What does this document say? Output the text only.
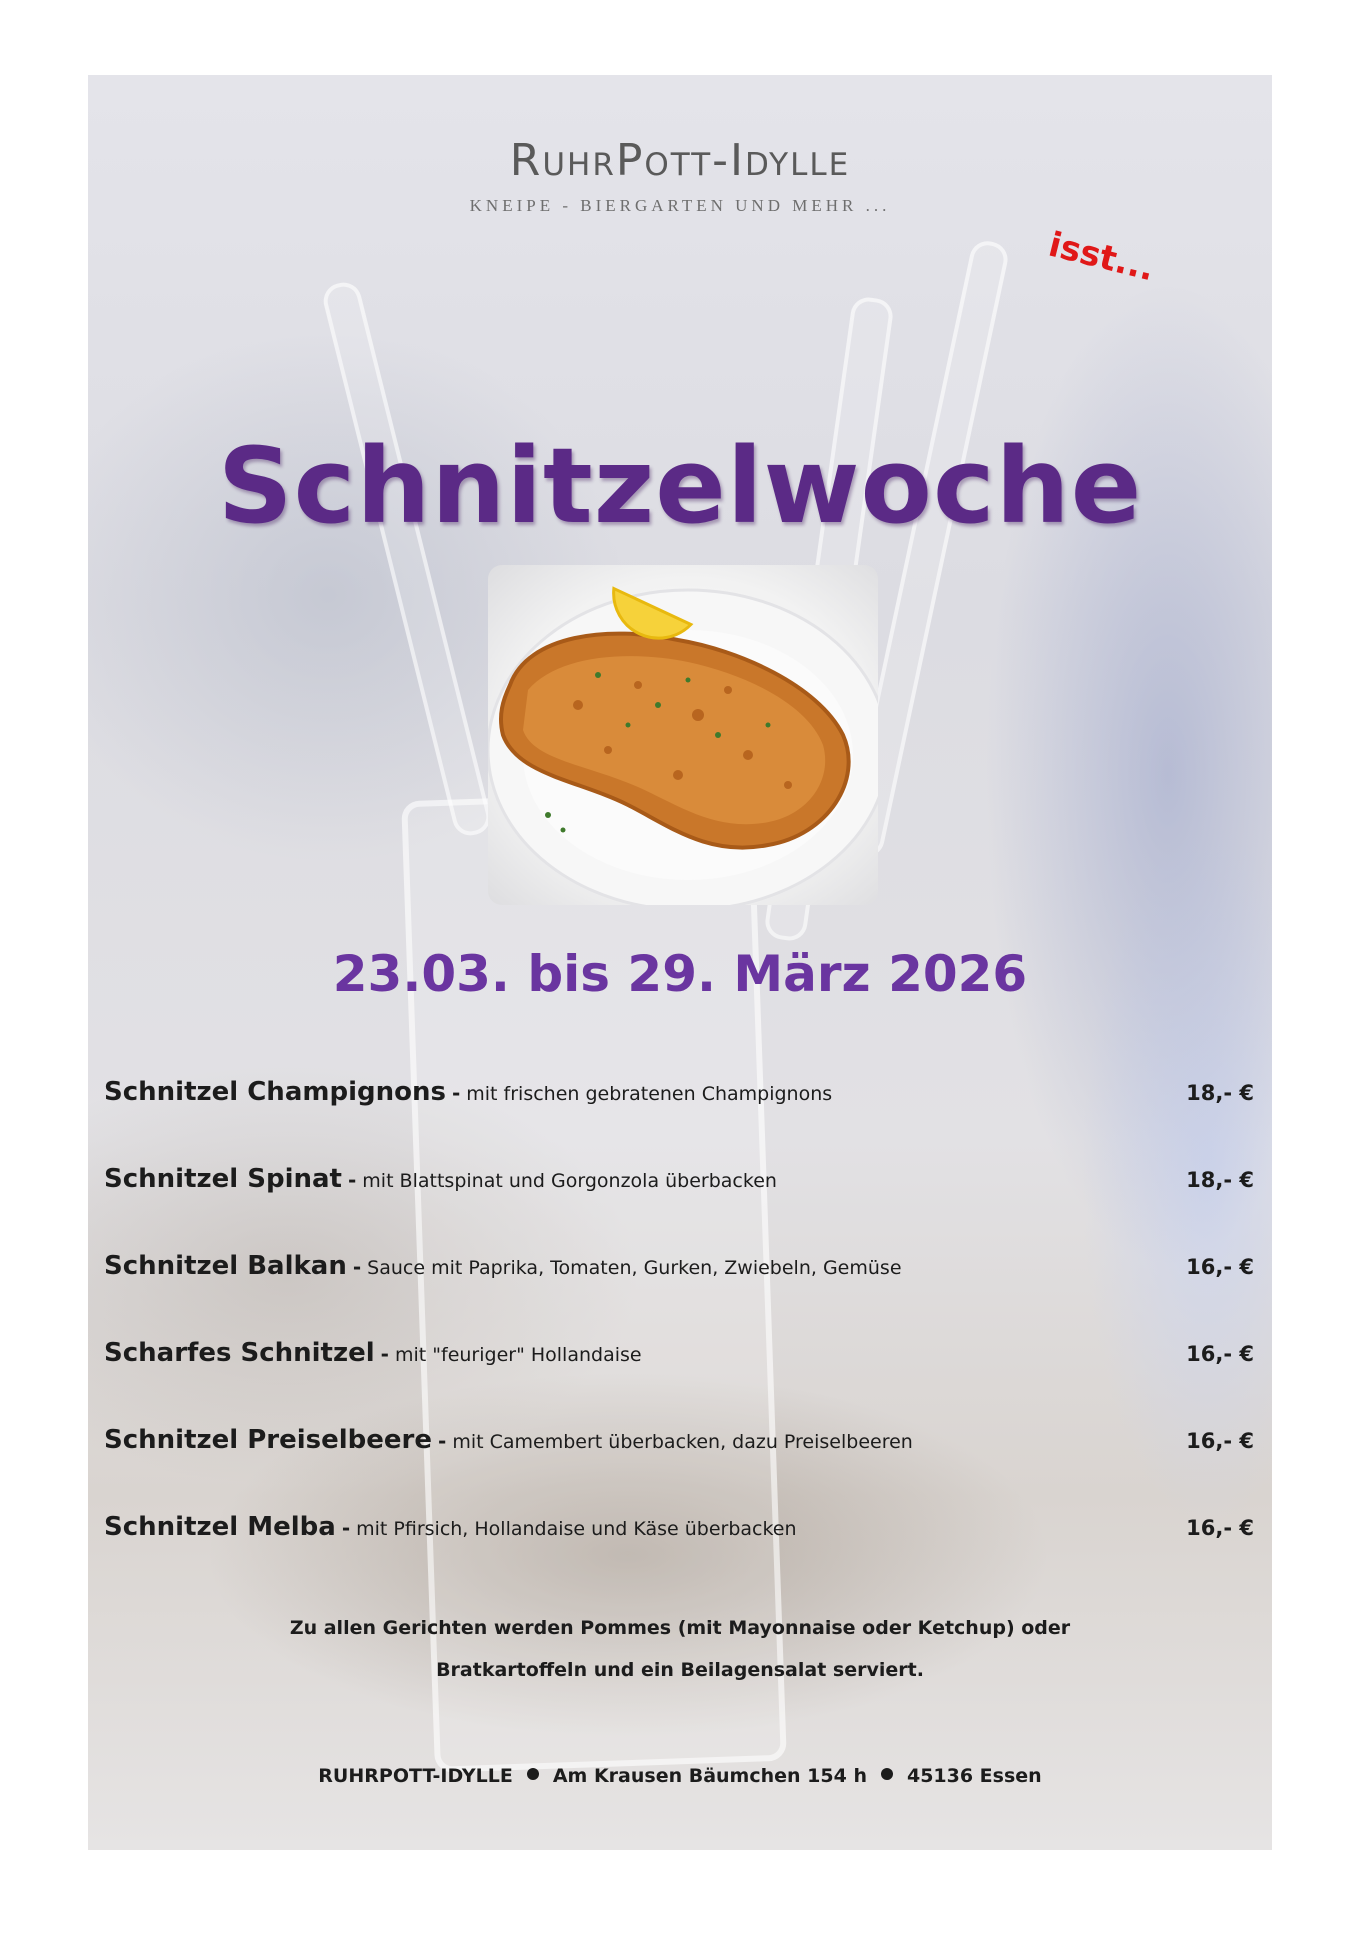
RuhrPott-Idylle
KNEIPE - BIERGARTEN UND MEHR ...
isst...
Schnitzelwoche
23.03. bis 29. März 2026
Schnitzel Champignons - mit frischen gebratenen Champignons	18,- €
Schnitzel Spinat - mit Blattspinat und Gorgonzola überbacken	18,- €
Schnitzel Balkan - Sauce mit Paprika, Tomaten, Gurken, Zwiebeln, Gemüse	16,- €
Scharfes Schnitzel - mit "feuriger" Hollandaise	16,- €
Schnitzel Preiselbeere - mit Camembert überbacken, dazu Preiselbeeren	16,- €
Schnitzel Melba - mit Pfirsich, Hollandaise und Käse überbacken	16,- €
Zu allen Gerichten werden Pommes (mit Mayonnaise oder Ketchup) oder
Bratkartoffeln und ein Beilagensalat serviert.
RUHRPOTT-IDYLLE Am Krausen Bäumchen 154 h 45136 Essen
